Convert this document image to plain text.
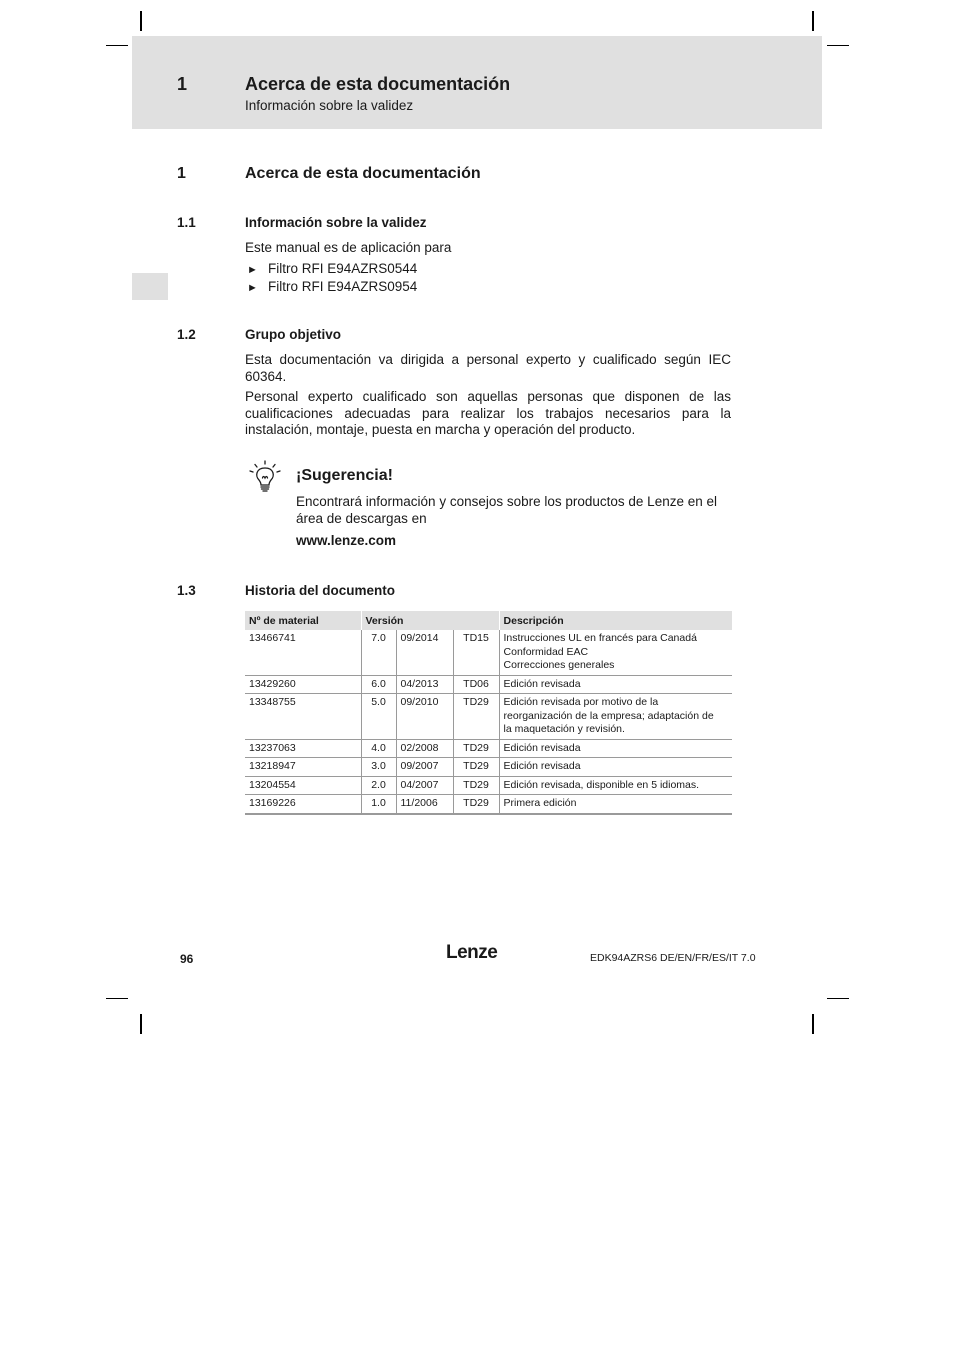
1	Acerca de esta documentación
Información sobre la validez
1	Acerca de esta documentación
1.1	Información sobre la validez
Este manual es de aplicación para
► Filtro RFI E94AZRS0544
► Filtro RFI E94AZRS0954
1.2	Grupo objetivo
Esta documentación va dirigida a personal experto y cualificado según IEC 60364.
Personal experto cualificado son aquellas personas que disponen de las cualificaciones adecuadas para realizar los trabajos necesarios para la instalación, montaje, puesta en marcha y operación del producto.
¡Sugerencia!
Encontrará información y consejos sobre los productos de Lenze en el área de descargas en
www.lenze.com
1.3	Historia del documento
Nº de material	Versión			Descripción
13466741	7.0	09/2014	TD15	Instrucciones UL en francés para Canadá
Conformidad EAC
Correcciones generales

13429260	6.0	04/2013	TD06	Edición revisada

13348755	5.0	09/2010	TD29	Edición revisada por motivo de la
reorganización de la empresa; adaptación de
la maquetación y revisión.

13237063	4.0	02/2008	TD29	Edición revisada

13218947	3.0	09/2007	TD29	Edición revisada

13204554	2.0	04/2007	TD29	Edición revisada, disponible en 5 idiomas.

13169226	1.0	11/2006	TD29	Primera edición
96	Lenze	EDK94AZRS6 DE/EN/FR/ES/IT 7.0
